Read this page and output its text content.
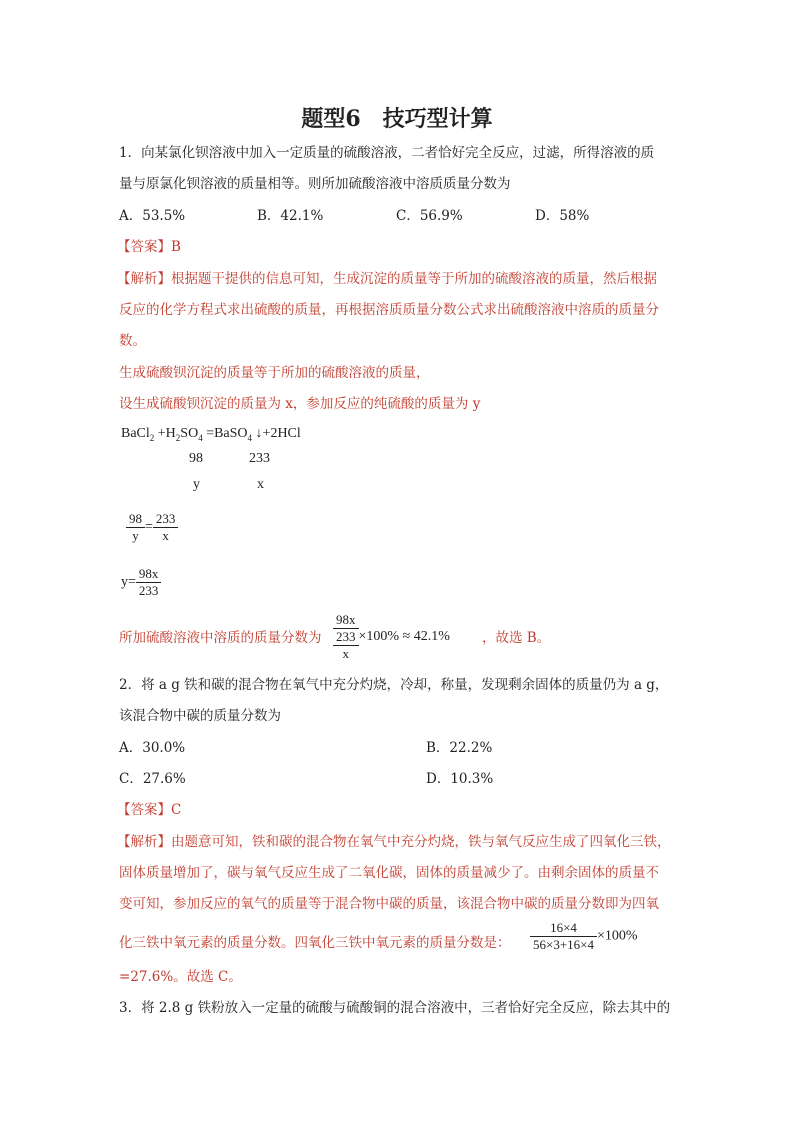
题型6　技巧型计算
1．向某氯化钡溶液中加入一定质量的硫酸溶液，二者恰好完全反应，过滤，所得溶液的质
量与原氯化钡溶液的质量相等。则所加硫酸溶液中溶质质量分数为
A．53.5%	B．42.1%	C．56.9%	D．58%
【答案】B
【解析】根据题干提供的信息可知，生成沉淀的质量等于所加的硫酸溶液的质量，然后根据
反应的化学方程式求出硫酸的质量，再根据溶质质量分数公式求出硫酸溶液中溶质的质量分
数。
生成硫酸钡沉淀的质量等于所加的硫酸溶液的质量，
设生成硫酸钡沉淀的质量为 x，参加反应的纯硫酸的质量为 y
BaCl$_2$ $+H_2SO_4$ =BaSO$_4$ ↓+2HCl
98	233
y	x
$\frac{98}{y} = \frac{233}{x}$
$y= \frac{98x}{233}$
所加硫酸溶液中溶质的质量分数为
98x
233
x
×100% ≈ 42.1% ，故选 B。
2．将 a g 铁和碳的混合物在氧气中充分灼烧，冷却，称量，发现剩余固体的质量仍为 a g，
该混合物中碳的质量分数为
A．30.0%	B．22.2%
C．27.6%	D．10.3%
【答案】C
【解析】由题意可知，铁和碳的混合物在氧气中充分灼烧，铁与氧气反应生成了四氧化三铁，
固体质量增加了，碳与氧气反应生成了二氧化碳，固体的质量减少了。由剩余固体的质量不
变可知，参加反应的氧气的质量等于混合物中碳的质量，该混合物中碳的质量分数即为四氧
化三铁中氧元素的质量分数。四氧化三铁中氧元素的质量分数是： $\frac{16\times 4}{56\times 3+16\times 4} \times 100\%$
=27.6%。故选 C。
3．将 2.8 g 铁粉放入一定量的硫酸与硫酸铜的混合溶液中，三者恰好完全反应，除去其中的
